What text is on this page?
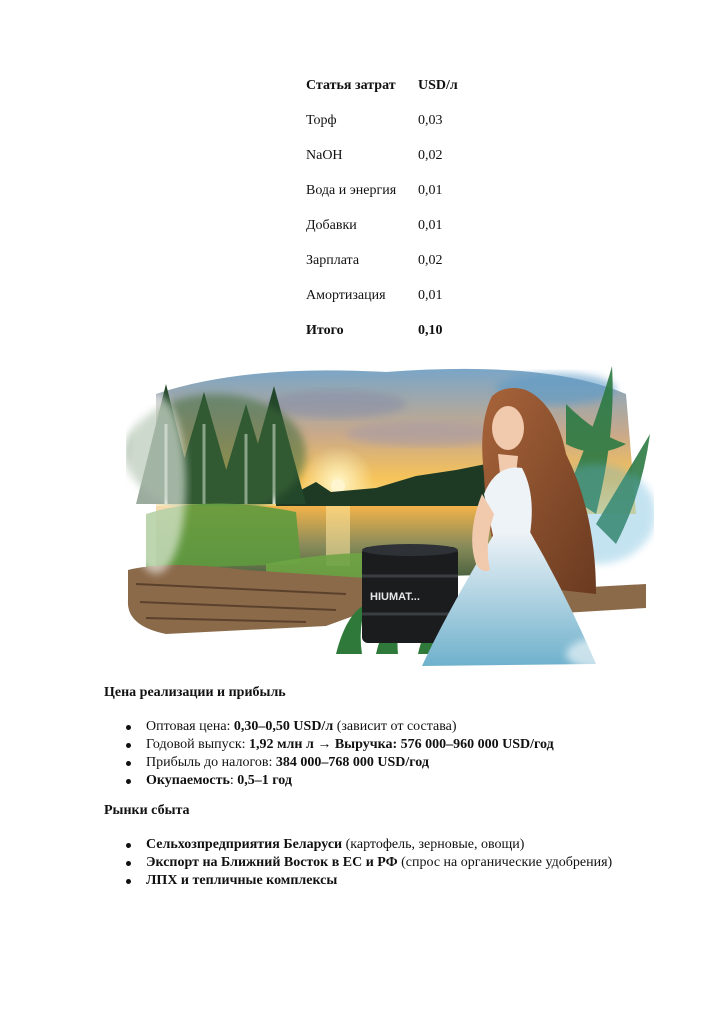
Статья затрат	USD/л
Торф	0,03
NaOH	0,02
Вода и энергия	0,01
Добавки	0,01
Зарплата	0,02
Амортизация	0,01
Итого	0,10
HIUMAT...
Цена реализации и прибыль
Оптовая цена: 0,30–0,50 USD/л (зависит от состава)
Годовой выпуск: 1,92 млн л → Выручка: 576 000–960 000 USD/год
Прибыль до налогов: 384 000–768 000 USD/год
Окупаемость: 0,5–1 год
Рынки сбыта
Сельхозпредприятия Беларуси (картофель, зерновые, овощи)
Экспорт на Ближний Восток в ЕС и РФ (спрос на органические удобрения)
ЛПХ и тепличные комплексы
